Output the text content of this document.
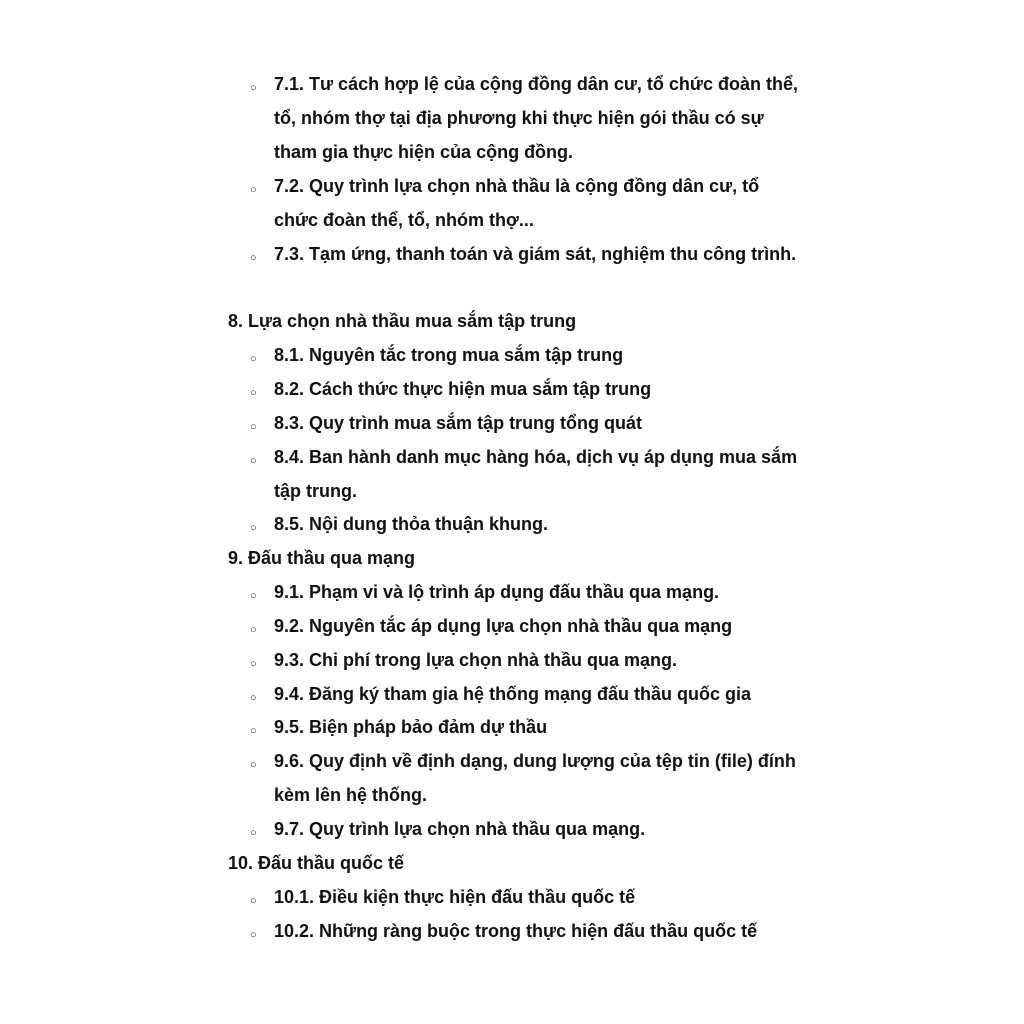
○ 7.1. Tư cách hợp lệ của cộng đồng dân cư, tổ chức đoàn thể, tổ, nhóm thợ tại địa phương khi thực hiện gói thầu có sự tham gia thực hiện của cộng đồng.
○ 7.2. Quy trình lựa chọn nhà thầu là cộng đồng dân cư, tổ chức đoàn thể, tổ, nhóm thợ...
○ 7.3. Tạm ứng, thanh toán và giám sát, nghiệm thu công trình.
8. Lựa chọn nhà thầu mua sắm tập trung
○ 8.1. Nguyên tắc trong mua sắm tập trung
○ 8.2. Cách thức thực hiện mua sắm tập trung
○ 8.3. Quy trình mua sắm tập trung tổng quát
○ 8.4. Ban hành danh mục hàng hóa, dịch vụ áp dụng mua sắm tập trung.
○ 8.5. Nội dung thỏa thuận khung.
9. Đấu thầu qua mạng
○ 9.1. Phạm vi và lộ trình áp dụng đấu thầu qua mạng.
○ 9.2. Nguyên tắc áp dụng lựa chọn nhà thầu qua mạng
○ 9.3. Chi phí trong lựa chọn nhà thầu qua mạng.
○ 9.4. Đăng ký tham gia hệ thống mạng đấu thầu quốc gia
○ 9.5. Biện pháp bảo đảm dự thầu
○ 9.6. Quy định về định dạng, dung lượng của tệp tin (file) đính kèm lên hệ thống.
○ 9.7. Quy trình lựa chọn nhà thầu qua mạng.
10. Đấu thầu quốc tế
○ 10.1. Điều kiện thực hiện đấu thầu quốc tế
○ 10.2. Những ràng buộc trong thực hiện đấu thầu quốc tế
